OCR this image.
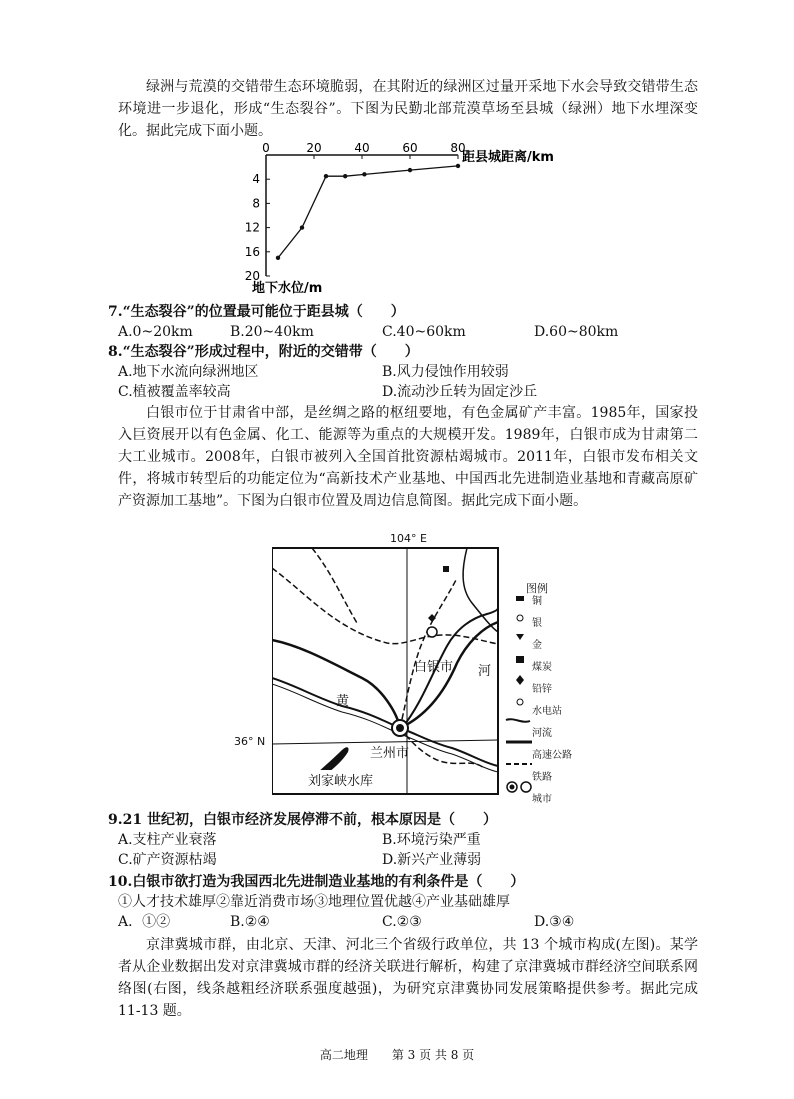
绿洲与荒漠的交错带生态环境脆弱，在其附近的绿洲区过量开采地下水会导致交错带生态环境进一步退化，形成“生态裂谷”。下图为民勤北部荒漠草场至县城（绿洲）地下水埋深变化。据此完成下面小题。
0	20	40	60	80
4
8
12
16
20
距县城距离/km
地下水位/m
7.“生态裂谷”的位置最可能位于距县城（　　）
A.0~20km	B.20~40km	C.40~60km	D.60~80km
8.“生态裂谷”形成过程中，附近的交错带（　　）
A.地下水流向绿洲地区	B.风力侵蚀作用较弱
C.植被覆盖率较高	D.流动沙丘转为固定沙丘
白银市位于甘肃省中部，是丝绸之路的枢纽要地，有色金属矿产丰富。1985年，国家投入巨资展开以有色金属、化工、能源等为重点的大规模开发。1989年，白银市成为甘肃第二大工业城市。2008年，白银市被列入全国首批资源枯竭城市。2011年，白银市发布相关文件，将城市转型后的功能定位为“高新技术产业基地、中国西北先进制造业基地和青藏高原矿产资源加工基地”。下图为白银市位置及周边信息简图。据此完成下面小题。
104° E
36° N
白银市 河
黄
兰州市
刘家峡水库
图例
铜
银
金
煤炭
铅锌
水电站
河流
高速公路
铁路
城市
9.21 世纪初，白银市经济发展停滞不前，根本原因是（　　）
A.支柱产业衰落	B.环境污染严重
C.矿产资源枯竭	D.新兴产业薄弱
10.白银市欲打造为我国西北先进制造业基地的有利条件是（　　）
①人才技术雄厚②靠近消费市场③地理位置优越④产业基础雄厚
A．①②	B.②④	C.②③	D.③④
京津冀城市群，由北京、天津、河北三个省级行政单位，共 13 个城市构成(左图)。某学者从企业数据出发对京津冀城市群的经济关联进行解析，构建了京津冀城市群经济空间联系网络图(右图，线条越粗经济联系强度越强)，为研究京津冀协同发展策略提供参考。据此完成 11-13 题。
高二地理　　第 3 页 共 8 页
